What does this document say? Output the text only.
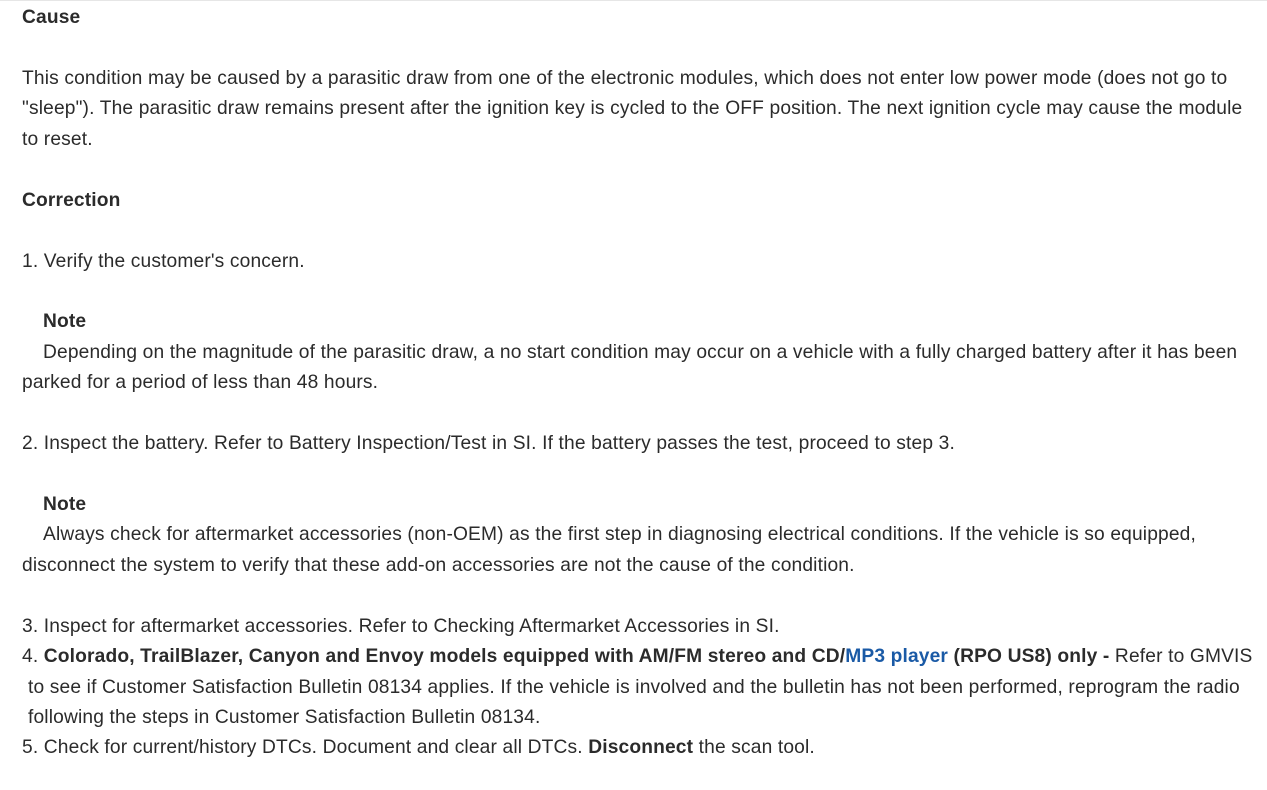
Cause

This condition may be caused by a parasitic draw from one of the electronic modules, which does not enter low power mode (does not go to "sleep"). The parasitic draw remains present after the ignition key is cycled to the OFF position. The next ignition cycle may cause the module to reset.

Correction

1. Verify the customer's concern.

Note

Depending on the magnitude of the parasitic draw, a no start condition may occur on a vehicle with a fully charged battery after it has been parked for a period of less than 48 hours.

2. Inspect the battery. Refer to Battery Inspection/Test in SI. If the battery passes the test, proceed to step 3.

Note

Always check for aftermarket accessories (non-OEM) as the first step in diagnosing electrical conditions. If the vehicle is so equipped, disconnect the system to verify that these add-on accessories are not the cause of the condition.

3. Inspect for aftermarket accessories. Refer to Checking Aftermarket Accessories in SI.

4. Colorado, TrailBlazer, Canyon and Envoy models equipped with AM/FM stereo and CD/MP3 player (RPO US8) only - Refer to GMVIS to see if Customer Satisfaction Bulletin 08134 applies. If the vehicle is involved and the bulletin has not been performed, reprogram the radio following the steps in Customer Satisfaction Bulletin 08134.

5. Check for current/history DTCs. Document and clear all DTCs. Disconnect the scan tool.
